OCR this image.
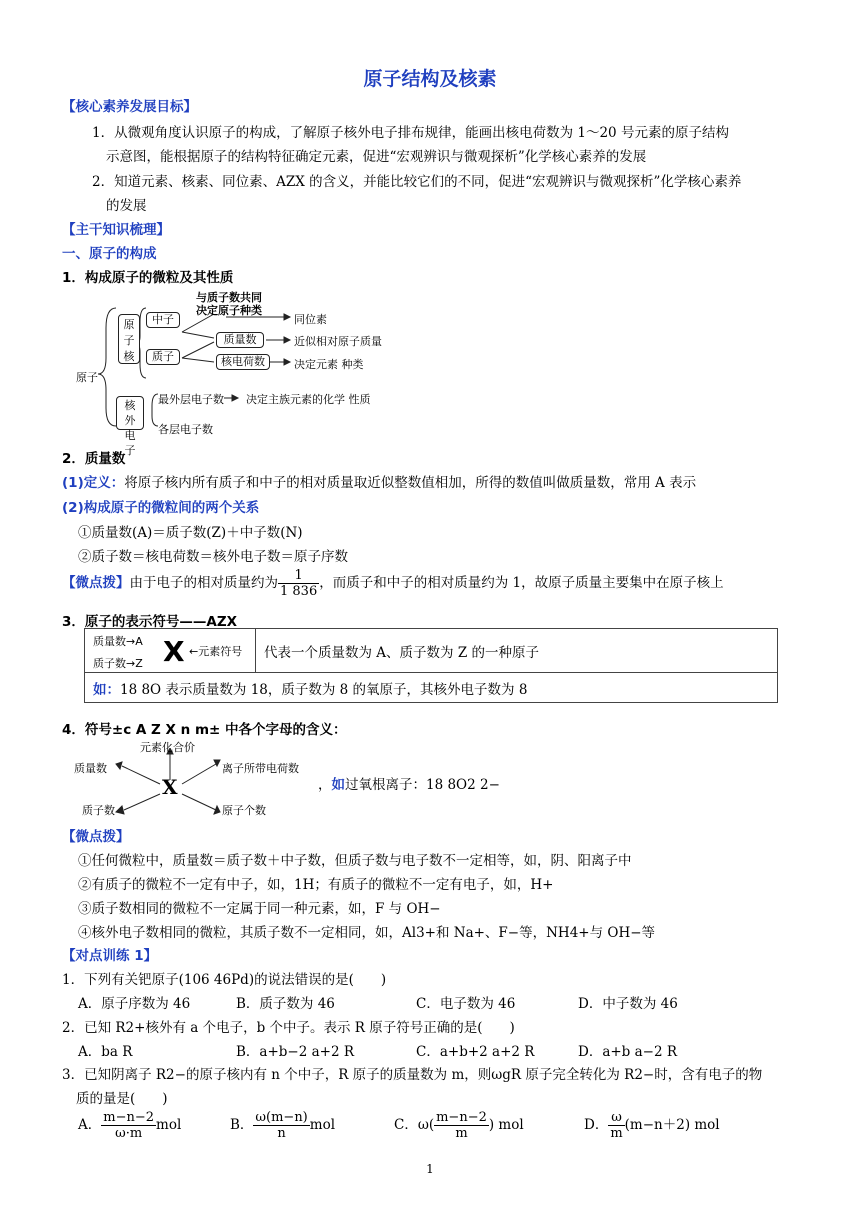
原子结构及核素
【核心素养发展目标】
1．从微观角度认识原子的构成，了解原子核外电子排布规律，能画出核电荷数为 1～20 号元素的原子结构
示意图，能根据原子的结构特征确定元素，促进“宏观辨识与微观探析”化学核心素养的发展
2．知道元素、核素、同位素、AZX 的含义，并能比较它们的不同，促进“宏观辨识与微观探析”化学核心素养
的发展
【主干知识梳理】
一、原子的构成
1．构成原子的微粒及其性质
原子核
中子
质子
质量数
核电荷数
核外电子
原子
与质子数共同
决定原子种类
同位素
近似相对原子质量
决定元素 种类
最外层电子数 决定主族元素的化学 性质
各层电子数
2．质量数
(1)定义：将原子核内所有质子和中子的相对质量取近似整数值相加，所得的数值叫做质量数，常用 A 表示
(2)构成原子的微粒间的两个关系
①质量数(A)＝质子数(Z)＋中子数(N)
②质子数＝核电荷数＝核外电子数＝原子序数
【微点拨】由于电子的相对质量约为 $\frac{1}{1 836}$ ，而质子和中子的相对质量约为 1，故原子质量主要集中在原子核上
3．原子的表示符号——AZX
质量数→A
质子数→Z X ←元素符号	代表一个质量数为 A、质子数为 Z 的一种原子
如：18 8O 表示质量数为 18，质子数为 8 的氧原子，其核外电子数为 8
4．符号±c A Z X n m± 中各个字母的含义：
X
元素化合价
质量数	离子所带电荷数
质子数	原子个数
，如过氧根离子：18 8O2 2−
【微点拨】
①任何微粒中，质量数＝质子数＋中子数，但质子数与电子数不一定相等，如，阴、阳离子中
②有质子的微粒不一定有中子，如，1H；有质子的微粒不一定有电子，如，H+
③质子数相同的微粒不一定属于同一种元素，如，F 与 OH−
④核外电子数相同的微粒，其质子数不一定相同，如，Al3+和 Na+、F−等，NH4+与 OH−等
【对点训练 1】
1．下列有关钯原子(106 46Pd)的说法错误的是(　　)
A．原子序数为 46	B．质子数为 46	C．电子数为 46	D．中子数为 46
2．已知 R2+核外有 a 个电子，b 个中子。表示 R 原子符号正确的是(　　)
A．ba R	B．a+b−2 a+2 R	C．a+b+2 a+2 R	D．a+b a−2 R
3．已知阴离子 R2−的原子核内有 n 个中子，R 原子的质量数为 m，则ωgR 原子完全转化为 R2−时，含有电子的物
质的量是(　　)
A． $\frac{m-n-2}{\omega\cdot m}$ mol	B． $\frac{\omega(m-n)}{n}$ mol	C．$\omega( \frac{m-n-2}{m}$ ) mol	D． $\frac{\omega}{m} (m-n+2)$ mol
1
